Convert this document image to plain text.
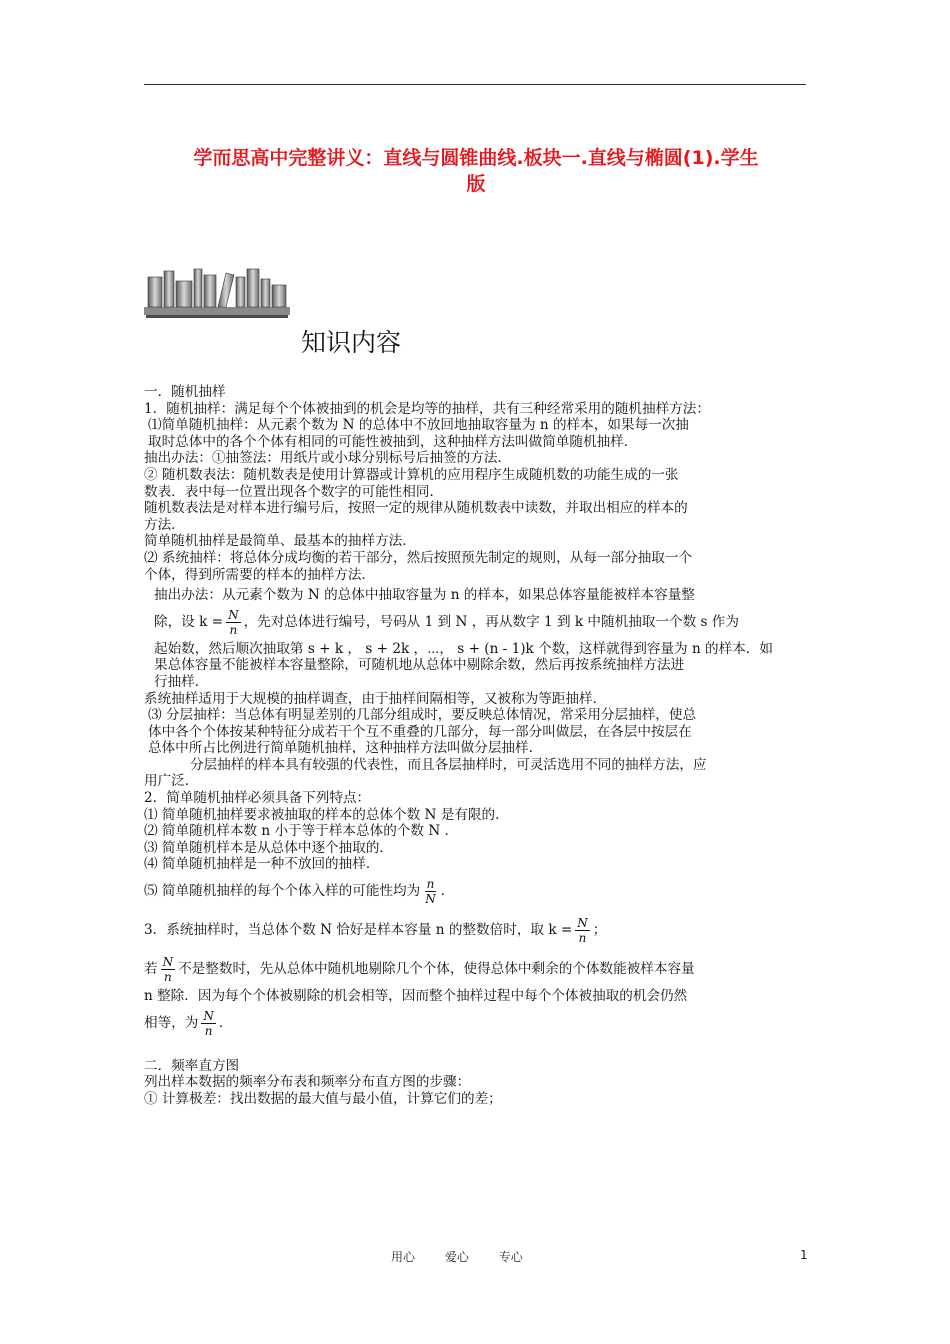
学而思高中完整讲义：直线与圆锥曲线.板块一.直线与椭圆(1).学生
版
知识内容
一．随机抽样
1．随机抽样：满足每个个体被抽到的机会是均等的抽样，共有三种经常采用的随机抽样方法：
⑴简单随机抽样：从元素个数为 N 的总体中不放回地抽取容量为 n 的样本，如果每一次抽
取时总体中的各个个体有相同的可能性被抽到，这种抽样方法叫做简单随机抽样．
抽出办法：①抽签法：用纸片或小球分别标号后抽签的方法．
② 随机数表法：随机数表是使用计算器或计算机的应用程序生成随机数的功能生成的一张
数表．表中每一位置出现各个数字的可能性相同．
随机数表法是对样本进行编号后，按照一定的规律从随机数表中读数，并取出相应的样本的
方法．
简单随机抽样是最简单、最基本的抽样方法．
⑵ 系统抽样：将总体分成均衡的若干部分，然后按照预先制定的规则，从每一部分抽取一个
个体，得到所需要的样本的抽样方法．
抽出办法：从元素个数为 N 的总体中抽取容量为 n 的样本，如果总体容量能被样本容量整
除，设 $k = \frac{N}{n}$ ，先对总体进行编号，号码从 1 到 N ，再从数字 1 到 k 中随机抽取一个数 s 作为
起始数，然后顺次抽取第 s + k ， s + 2k ，⋯， s + (n - 1)k 个数，这样就得到容量为 n 的样本．如
果总体容量不能被样本容量整除，可随机地从总体中剔除余数，然后再按系统抽样方法进
行抽样．
系统抽样适用于大规模的抽样调查，由于抽样间隔相等，又被称为等距抽样．
⑶ 分层抽样：当总体有明显差别的几部分组成时，要反映总体情况，常采用分层抽样，使总
体中各个个体按某种特征分成若干个互不重叠的几部分，每一部分叫做层，在各层中按层在
总体中所占比例进行简单随机抽样，这种抽样方法叫做分层抽样．
分层抽样的样本具有较强的代表性，而且各层抽样时，可灵活选用不同的抽样方法，应
用广泛．
2．简单随机抽样必须具备下列特点：
⑴ 简单随机抽样要求被抽取的样本的总体个数 N 是有限的．
⑵ 简单随机样本数 n 小于等于样本总体的个数 N ．
⑶ 简单随机样本是从总体中逐个抽取的．
⑷ 简单随机抽样是一种不放回的抽样．
⑸ 简单随机抽样的每个个体入样的可能性均为 $\frac{n}{N}$ ．
3．系统抽样时，当总体个数 N 恰好是样本容量 n 的整数倍时，取 $k = \frac{N}{n}$ ；
若 $\frac{N}{n}$ 不是整数时，先从总体中随机地剔除几个个体，使得总体中剩余的个体数能被样本容量
n 整除．因为每个个体被剔除的机会相等，因而整个抽样过程中每个个体被抽取的机会仍然
相等，为 $\frac{N}{n}$ ．
二．频率直方图
列出样本数据的频率分布表和频率分布直方图的步骤：
① 计算极差：找出数据的最大值与最小值，计算它们的差；
用心 爱心 专心	1
